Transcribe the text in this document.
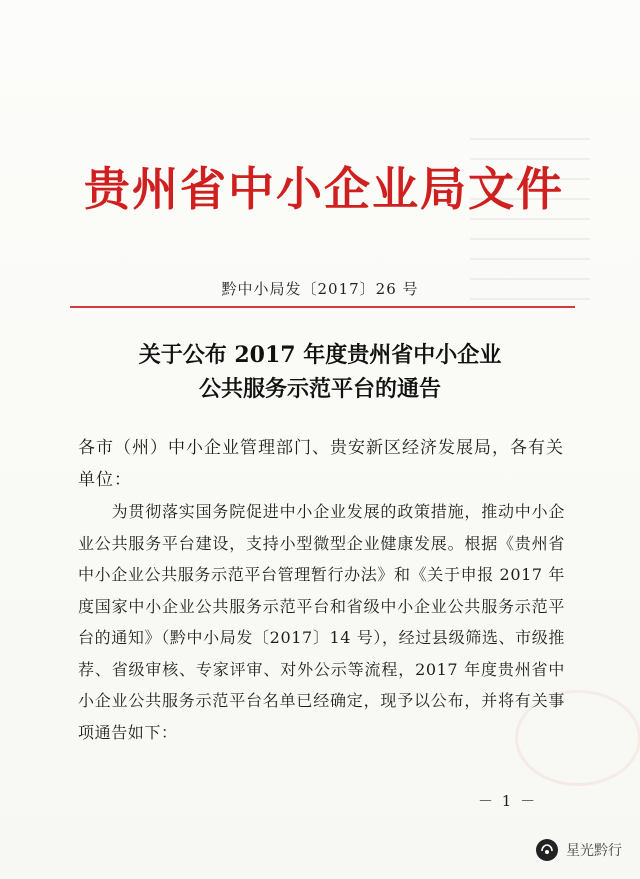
贵州省中小企业局文件
黔中小局发〔2017〕26 号
关于公布 2017 年度贵州省中小企业
公共服务示范平台的通告
各市（州）中小企业管理部门、贵安新区经济发展局，各有关单位：
为贯彻落实国务院促进中小企业发展的政策措施，推动中小企业公共服务平台建设，支持小型微型企业健康发展。根据《贵州省中小企业公共服务示范平台管理暂行办法》和《关于申报 2017 年度国家中小企业公共服务示范平台和省级中小企业公共服务示范平台的通知》（黔中小局发〔2017〕14 号），经过县级筛选、市级推荐、省级审核、专家评审、对外公示等流程，2017 年度贵州省中小企业公共服务示范平台名单已经确定，现予以公布，并将有关事项通告如下：
－ 1 －
星光黔行
